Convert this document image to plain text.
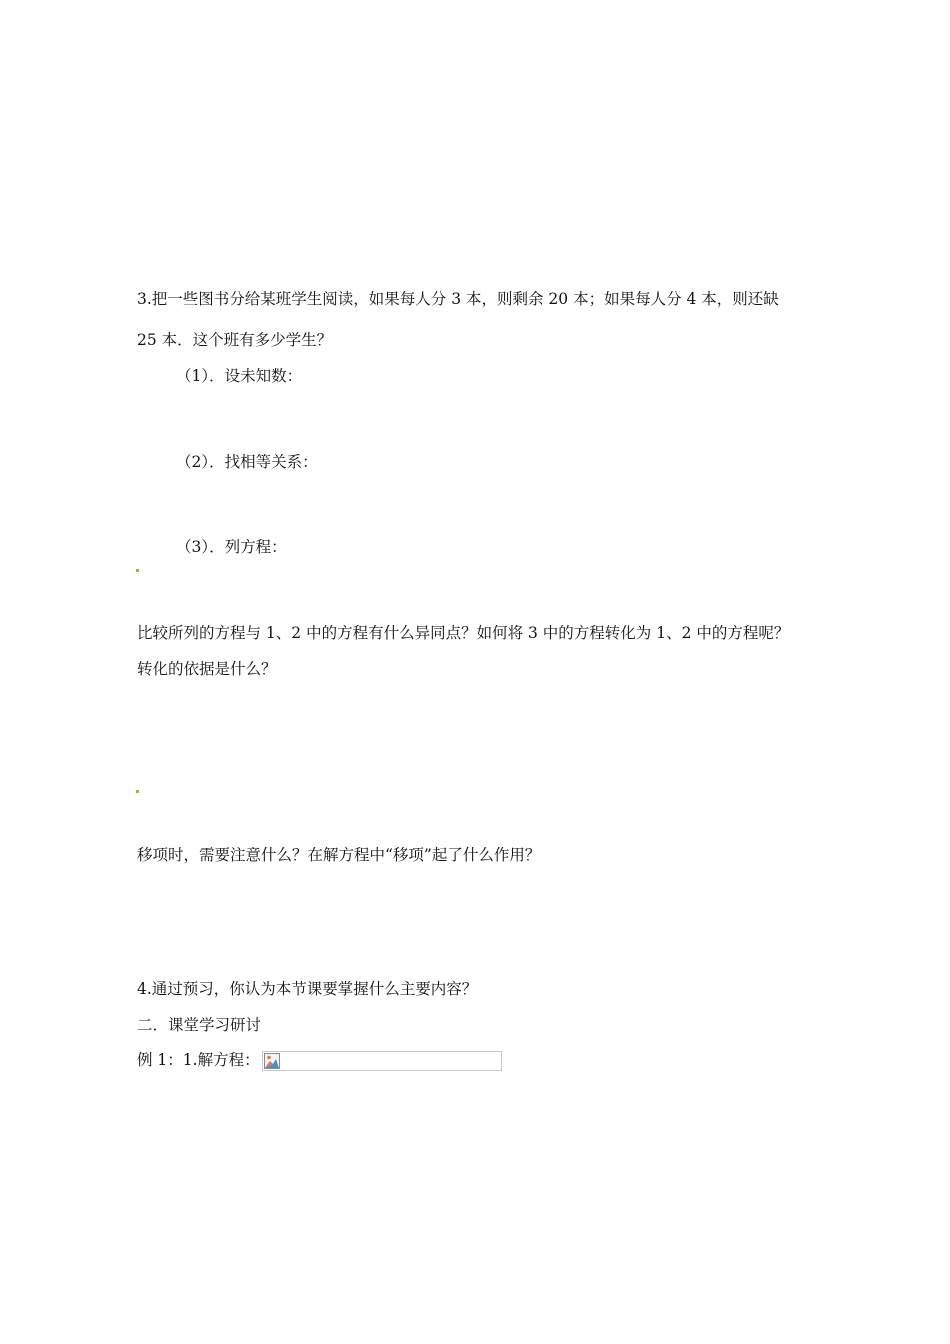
3.把一些图书分给某班学生阅读，如果每人分 3 本，则剩余 20 本；如果每人分 4 本，则还缺
25 本．这个班有多少学生？
（1）．设未知数：
（2）．找相等关系：
（3）．列方程：
比较所列的方程与 1、2 中的方程有什么异同点？如何将 3 中的方程转化为 1、2 中的方程呢？
转化的依据是什么？
移项时，需要注意什么？在解方程中“移项”起了什么作用？
4.通过预习，你认为本节课要掌握什么主要内容？
二．课堂学习研讨
例 1：1.解方程：
